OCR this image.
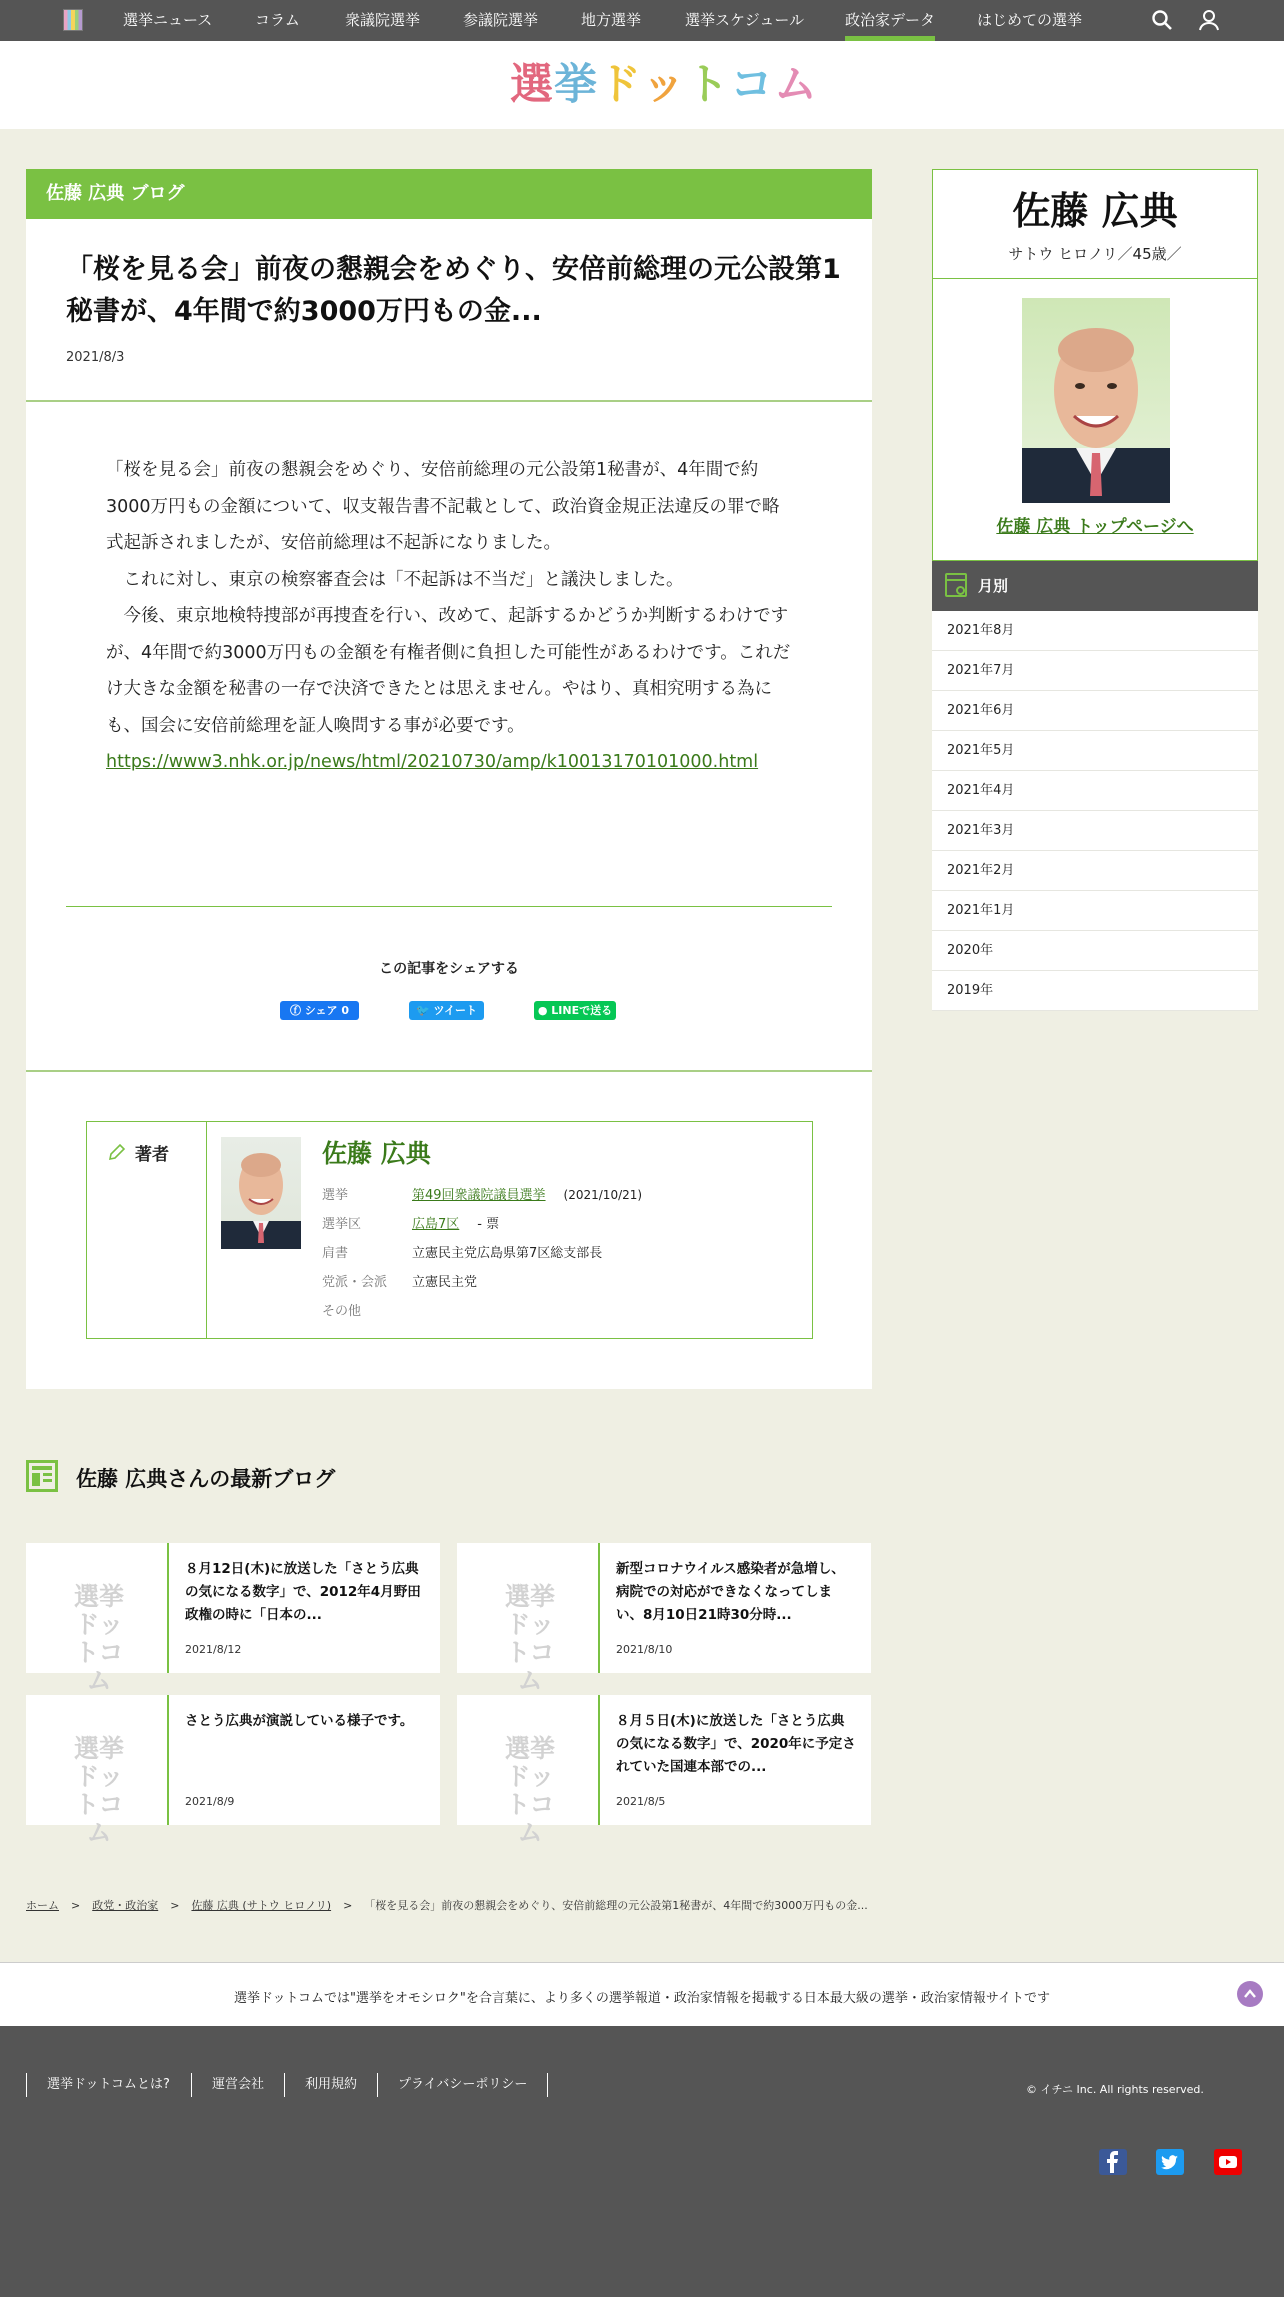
選挙ニュース	コラム	衆議院選挙	参議院選挙	地方選挙	選挙スケジュール	政治家データ	はじめての選挙
選挙ドットコム
佐藤 広典 ブログ
「桜を見る会」前夜の懇親会をめぐり、安倍前総理の元公設第1秘書が、4年間で約3000万円もの金...
2021/8/3

「桜を見る会」前夜の懇親会をめぐり、安倍前総理の元公設第1秘書が、4年間で約3000万円もの金額について、収支報告書不記載として、政治資金規正法違反の罪で略式起訴されましたが、安倍前総理は不起訴になりました。

　これに対し、東京の検察審査会は「不起訴は不当だ」と議決しました。

　今後、東京地検特捜部が再捜査を行い、改めて、起訴するかどうか判断するわけですが、4年間で約3000万円もの金額を有権者側に負担した可能性があるわけです。これだけ大きな金額を秘書の一存で決済できたとは思えません。やはり、真相究明する為にも、国会に安倍前総理を証人喚問する事が必要です。

https://www3.nhk.or.jp/news/html/20210730/amp/k10013170101000.html

この記事をシェアする
ⓕ シェア 0	🐦 ツイート	● LINEで送る
著者	佐藤 広典
選挙	第49回衆議院議員選挙 (2021/10/21)
選挙区	広島7区 - 票
肩書	立憲民主党広島県第7区総支部長
党派・会派 立憲民主党
その他
佐藤 広典さんの最新ブログ
選挙ドットコム
８月12日(木)に放送した「さとう広典の気になる数字」で、2012年4月野田政権の時に「日本の...
2021/8/12
選挙ドットコム
新型コロナウイルス感染者が急増し、病院での対応ができなくなってしまい、8月10日21時30分時...
2021/8/10
選挙ドットコム
さとう広典が演説している様子です。
2021/8/9
選挙ドットコム
８月５日(木)に放送した「さとう広典の気になる数字」で、2020年に予定されていた国連本部での...
2021/8/5
ホーム > 政党・政治家 > 佐藤 広典 (サトウ ヒロノリ) > 「桜を見る会」前夜の懇親会をめぐり、安倍前総理の元公設第1秘書が、4年間で約3000万円もの金...
選挙ドットコムでは"選挙をオモシロク"を合言葉に、より多くの選挙報道・政治家情報を掲載する日本最大級の選挙・政治家情報サイトです
選挙ドットコムとは?	運営会社	利用規約	プライバシーポリシー	© イチニ Inc. All rights reserved.
佐藤 広典
サトウ ヒロノリ／45歳／
佐藤 広典 トップページへ
月別
2021年8月
2021年7月
2021年6月
2021年5月
2021年4月
2021年3月
2021年2月
2021年1月
2020年
2019年
